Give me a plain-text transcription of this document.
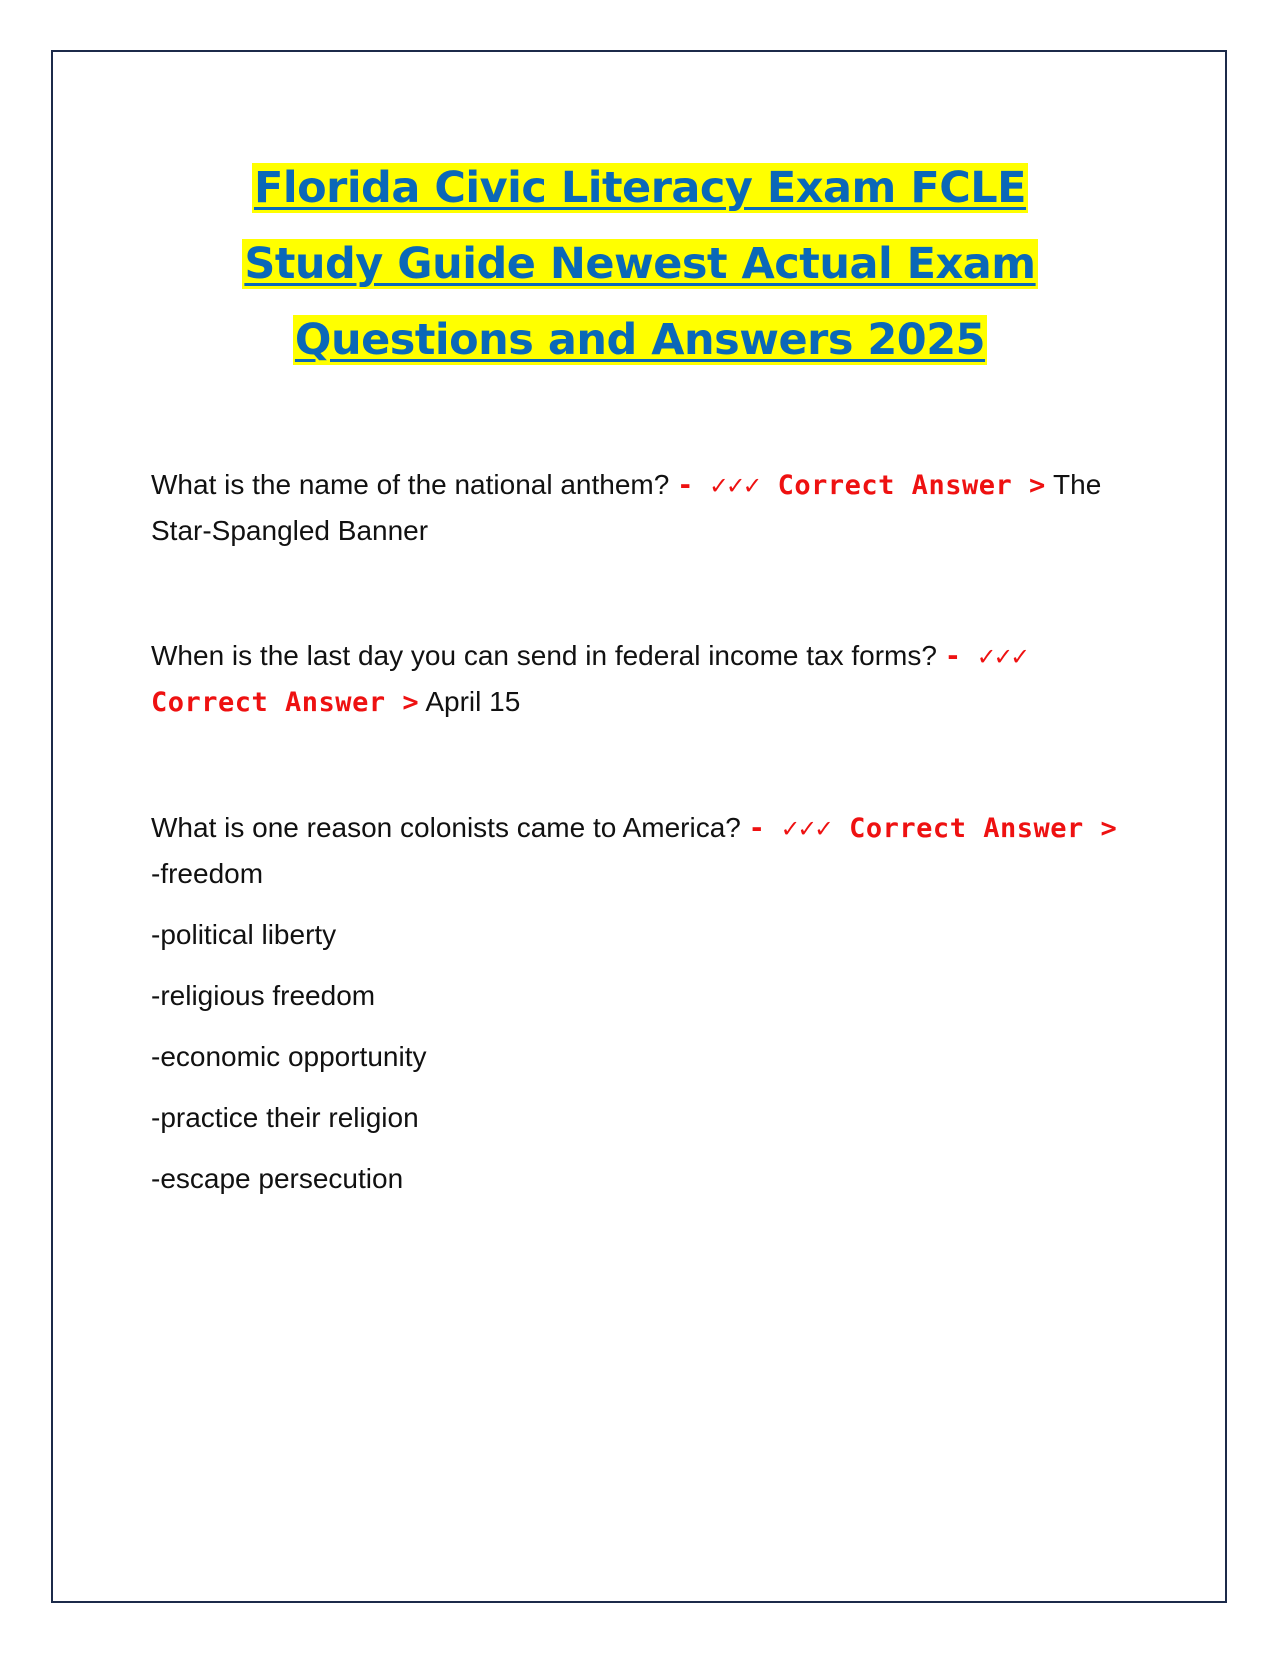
Florida Civic Literacy Exam FCLE
Study Guide Newest Actual Exam
Questions and Answers 2025

What is the name of the national anthem? - ✓✓✓ Correct Answer > The Star-Spangled Banner

When is the last day you can send in federal income tax forms? - ✓✓✓ Correct Answer > April 15

What is one reason colonists came to America? - ✓✓✓ Correct Answer > -freedom
-political liberty
-religious freedom
-economic opportunity
-practice their religion
-escape persecution
